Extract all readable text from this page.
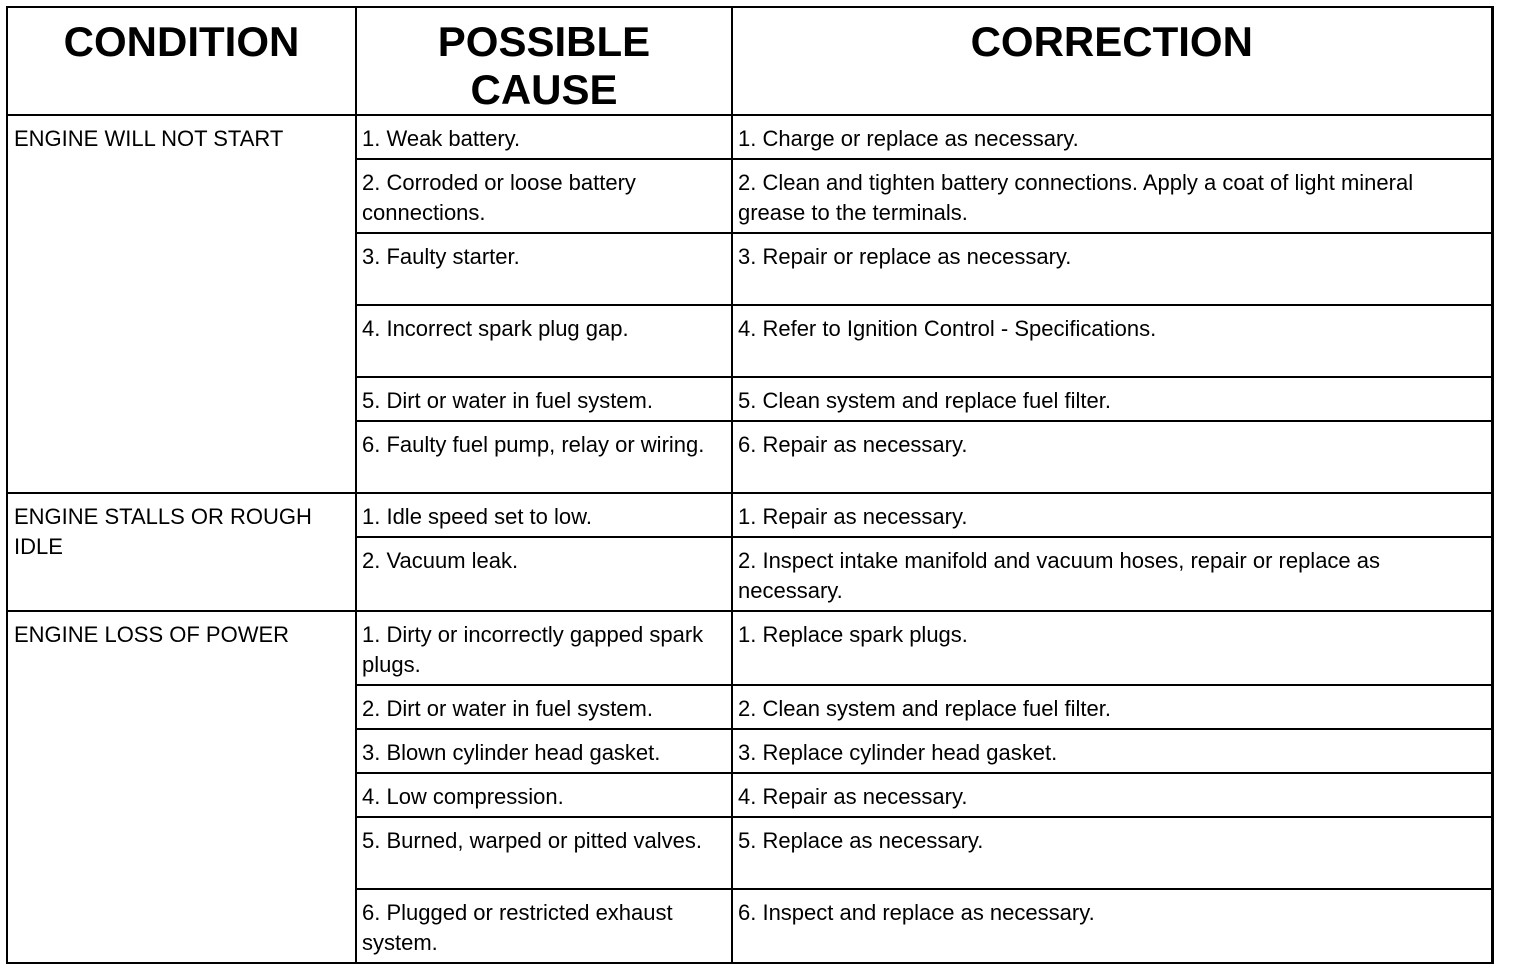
CONDITION	POSSIBLE CAUSE	CORRECTION
ENGINE WILL NOT START	1. Weak battery.	1. Charge or replace as necessary.
	2. Corroded or loose battery connections.	2. Clean and tighten battery connections. Apply a coat of light mineral grease to the terminals.
	3. Faulty starter.	3. Repair or replace as necessary.
	4. Incorrect spark plug gap.	4. Refer to Ignition Control - Specifications.
	5. Dirt or water in fuel system.	5. Clean system and replace fuel filter.
	6. Faulty fuel pump, relay or wiring.	6. Repair as necessary.
ENGINE STALLS OR ROUGH IDLE	1. Idle speed set to low.	1. Repair as necessary.
	2. Vacuum leak.	2. Inspect intake manifold and vacuum hoses, repair or replace as necessary.
ENGINE LOSS OF POWER	1. Dirty or incorrectly gapped spark plugs.	1. Replace spark plugs.
	2. Dirt or water in fuel system.	2. Clean system and replace fuel filter.
	3. Blown cylinder head gasket.	3. Replace cylinder head gasket.
	4. Low compression.	4. Repair as necessary.
	5. Burned, warped or pitted valves.	5. Replace as necessary.
	6. Plugged or restricted exhaust system.	6. Inspect and replace as necessary.
